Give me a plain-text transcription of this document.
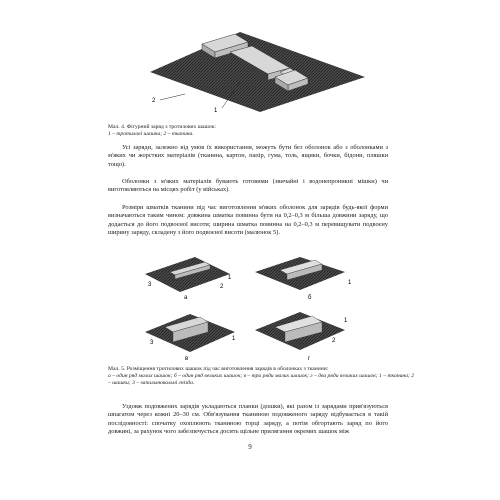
2
1
Мал. 4. Фігурний заряд з тротилових шашок:
1 – тротилові шашки; 2 – тканина.

Усі заряди, залежно від умов їх використання, можуть бути без оболонок або з оболонками з м'яких чи жорстких матеріалів (тканина, картон, папір, гума, толь, ящики, бочки, бідони, пляшки тощо).

Оболонки з м'яких матеріалів бувають готовими (звичайні і водонепроникні мішки) чи виготовляються на місцях робіт (у військах).

Розміри шматків тканини під час виготовлення м'яких оболонок для зарядів будь-якої форми визначаються таким чином: довжина шматка повинна бути на 0,2–0,3 м більша довжини заряду, що додається до його подвоєної висоти; ширина шматка повинна на 0,2–0,3 м перевищувати подвоєну ширину заряду, складену з його подвоєної висоти (малюнок 5).

а
3	2
1
б
1
в
3
1
г
2
1
Мал. 5. Розміщення тротилових шашок під час виготовлення зарядів в оболонках з тканини:
а – один ряд малих шашок; б – один ряд великих шашок; в – три ряди малих шашок; г – два ряди великих шашок; 1 – тканина; 2 – шашки; 3 – запальнювальні гнізда.

Уздовж подовжених зарядів укладаються планки (дошки), які разом із зарядами прив'язуються шпагатом через кожні 20–30 см. Обв'язування тканиною подовженого заряду відбувається в такій послідовності: спочатку охоплюють тканиною торці заряду, а потім обгортають заряд по його довжині, за рахунок чого забезпечується досить щільне прилягання окремих шашок між

9
